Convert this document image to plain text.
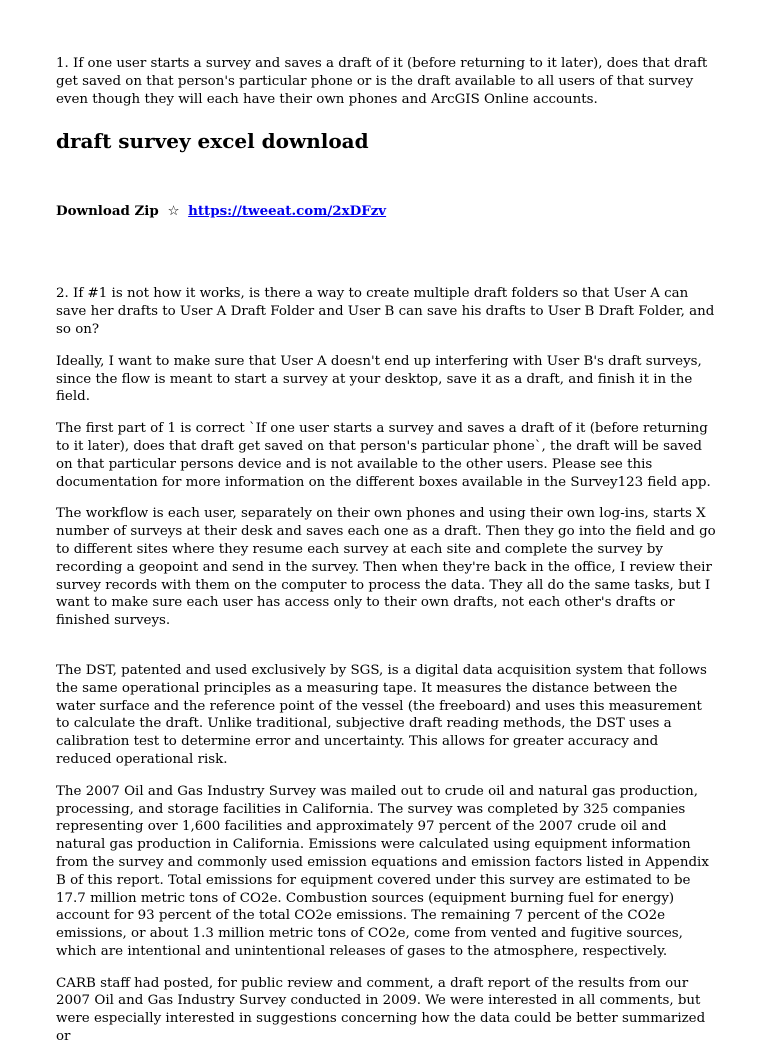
1. If one user starts a survey and saves a draft of it (before returning to it later), does that draft get saved on that person's particular phone or is the draft available to all users of that survey even though they will each have their own phones and ArcGIS Online accounts.

draft survey excel download
Download Zip ☆ https://tweeat.com/2xDFzv

2. If #1 is not how it works, is there a way to create multiple draft folders so that User A can save her drafts to User A Draft Folder and User B can save his drafts to User B Draft Folder, and so on?

Ideally, I want to make sure that User A doesn't end up interfering with User B's draft surveys, since the flow is meant to start a survey at your desktop, save it as a draft, and finish it in the field.

The first part of 1 is correct `If one user starts a survey and saves a draft of it (before returning to it later), does that draft get saved on that person's particular phone`, the draft will be saved on that particular persons device and is not available to the other users. Please see this documentation for more information on the different boxes available in the Survey123 field app.

The workflow is each user, separately on their own phones and using their own log-ins, starts X number of surveys at their desk and saves each one as a draft. Then they go into the field and go to different sites where they resume each survey at each site and complete the survey by recording a geopoint and send in the survey. Then when they're back in the office, I review their survey records with them on the computer to process the data. They all do the same tasks, but I want to make sure each user has access only to their own drafts, not each other's drafts or finished surveys.

The DST, patented and used exclusively by SGS, is a digital data acquisition system that follows the same operational principles as a measuring tape. It measures the distance between the water surface and the reference point of the vessel (the freeboard) and uses this measurement to calculate the draft. Unlike traditional, subjective draft reading methods, the DST uses a calibration test to determine error and uncertainty. This allows for greater accuracy and reduced operational risk.

The 2007 Oil and Gas Industry Survey was mailed out to crude oil and natural gas production, processing, and storage facilities in California. The survey was completed by 325 companies representing over 1,600 facilities and approximately 97 percent of the 2007 crude oil and natural gas production in California. Emissions were calculated using equipment information from the survey and commonly used emission equations and emission factors listed in Appendix B of this report. Total emissions for equipment covered under this survey are estimated to be 17.7 million metric tons of CO2e. Combustion sources (equipment burning fuel for energy) account for 93 percent of the total CO2e emissions. The remaining 7 percent of the CO2e emissions, or about 1.3 million metric tons of CO2e, come from vented and fugitive sources, which are intentional and unintentional releases of gases to the atmosphere, respectively.

CARB staff had posted, for public review and comment, a draft report of the results from our 2007 Oil and Gas Industry Survey conducted in 2009. We were interested in all comments, but were especially interested in suggestions concerning how the data could be better summarized or
